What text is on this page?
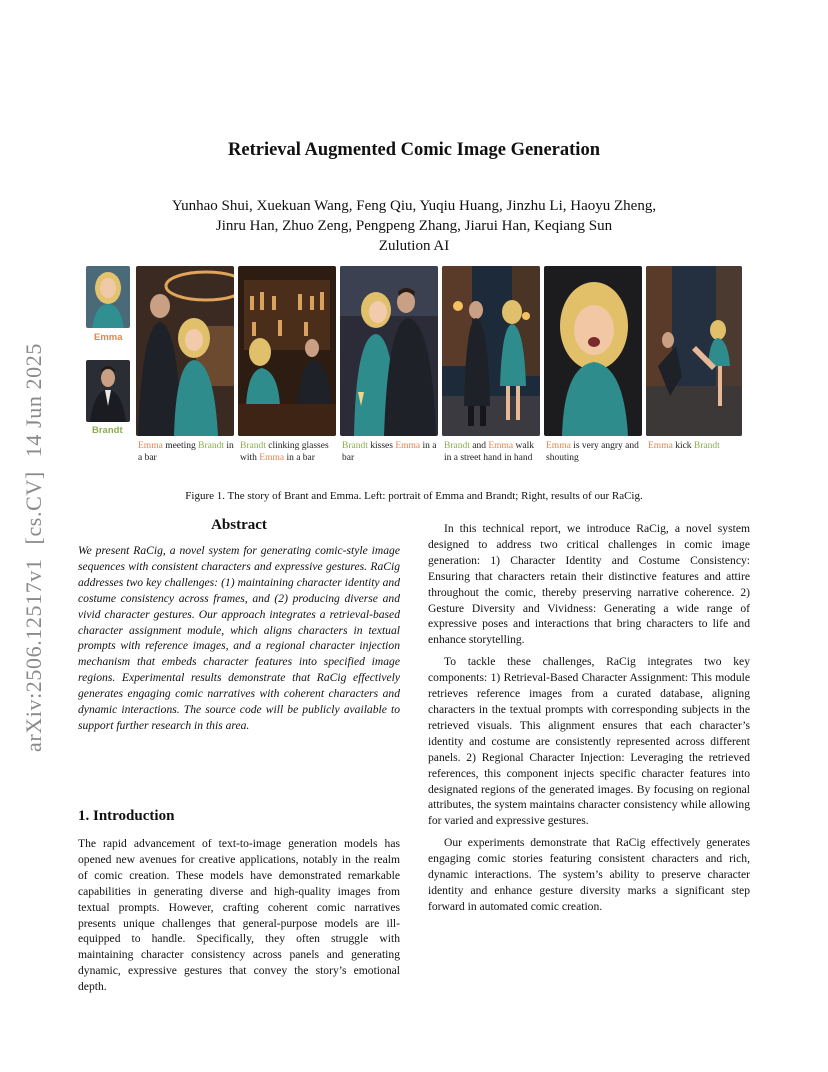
arXiv:2506.12517v1
[cs.CV]
14 Jun 2025
Retrieval Augmented Comic Image Generation
Yunhao Shui, Xuekuan Wang, Feng Qiu, Yuqiu Huang, Jinzhu Li, Haoyu Zheng,
Jinru Han, Zhuo Zeng, Pengpeng Zhang, Jiarui Han, Keqiang Sun
Zulution AI
Emma
Brandt
Emma meeting Brandt in a bar
Brandt clinking glasses with Emma in a bar
Brandt kisses Emma in a bar
Brandt and Emma walk in a street hand in hand
Emma is very angry and shouting
Emma kick Brandt
Figure 1. The story of Brant and Emma. Left: portrait of Emma and Brandt; Right, results of our RaCig.
Abstract
We present RaCig, a novel system for generating comic-style image sequences with consistent characters and expressive gestures. RaCig addresses two key challenges: (1) maintaining character identity and costume consistency across frames, and (2) producing diverse and vivid character gestures. Our approach integrates a retrieval-based character assignment module, which aligns characters in textual prompts with reference images, and a regional character injection mechanism that embeds character features into specified image regions. Experimental results demonstrate that RaCig effectively generates engaging comic narratives with coherent characters and dynamic interactions. The source code will be publicly available to support further research in this area.
1. Introduction

The rapid advancement of text-to-image generation models has opened new avenues for creative applications, notably in the realm of comic creation. These models have demonstrated remarkable capabilities in generating diverse and high-quality images from textual prompts. However, crafting coherent comic narratives presents unique challenges that general-purpose models are ill-equipped to handle. Specifically, they often struggle with maintaining character consistency across panels and generating dynamic, expressive gestures that convey the story’s emotional depth.

In this technical report, we introduce RaCig, a novel system designed to address two critical challenges in comic image generation: 1) Character Identity and Costume Consistency: Ensuring that characters retain their distinctive features and attire throughout the comic, thereby preserving narrative coherence. 2) Gesture Diversity and Vividness: Generating a wide range of expressive poses and interactions that bring characters to life and enhance storytelling.

To tackle these challenges, RaCig integrates two key components: 1) Retrieval-Based Character Assignment: This module retrieves reference images from a curated database, aligning characters in the textual prompts with corresponding subjects in the retrieved visuals. This alignment ensures that each character’s identity and costume are consistently represented across different panels. 2) Regional Character Injection: Leveraging the retrieved references, this component injects specific character features into designated regions of the generated images. By focusing on regional attributes, the system maintains character consistency while allowing for varied and expressive gestures.

Our experiments demonstrate that RaCig effectively generates engaging comic stories featuring consistent characters and rich, dynamic interactions. The system’s ability to preserve character identity and enhance gesture diversity marks a significant step forward in automated comic creation.
